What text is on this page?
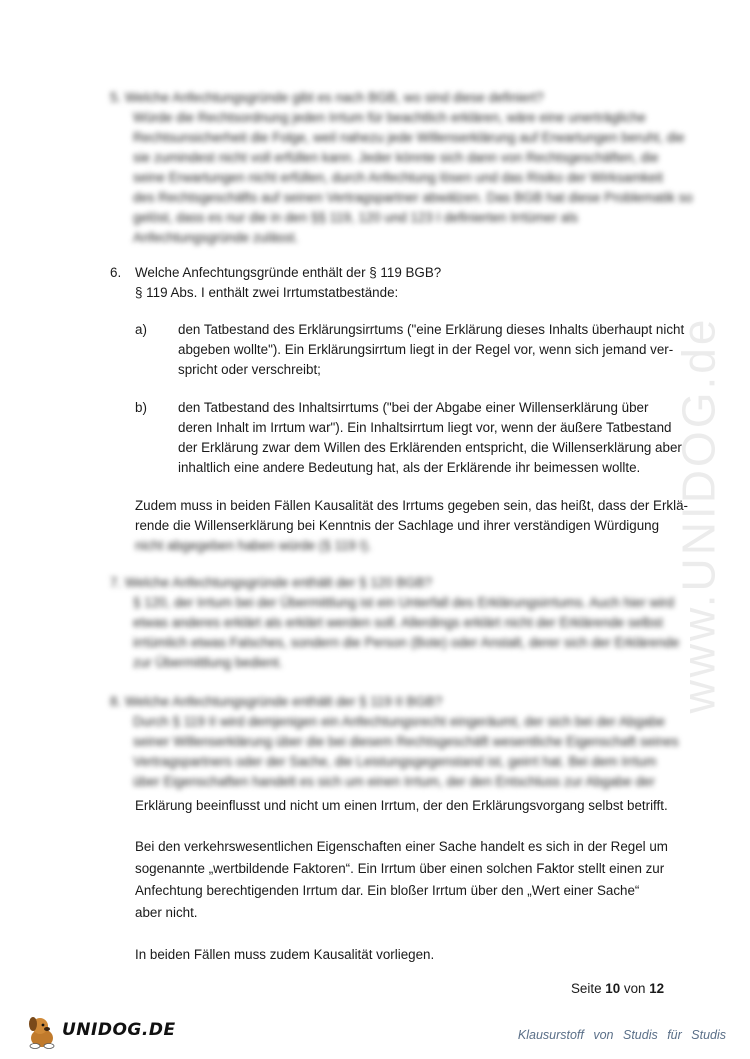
www.UNIDOG.de
5. Welche Anfechtungsgründe gibt es nach BGB, wo sind diese definiert?
Würde die Rechtsordnung jeden Irrtum für beachtlich erklären, wäre eine unerträgliche
Rechtsunsicherheit die Folge, weil nahezu jede Willenserklärung auf Erwartungen beruht, die
sie zumindest nicht voll erfüllen kann. Jeder könnte sich dann von Rechtsgeschäften, die
seine Erwartungen nicht erfüllen, durch Anfechtung lösen und das Risiko der Wirksamkeit
des Rechtsgeschäfts auf seinen Vertragspartner abwälzen. Das BGB hat diese Problematik so
gelöst, dass es nur die in den §§ 119, 120 und 123 I definierten Irrtümer als
Anfechtungsgründe zulässt.
6. Welche Anfechtungsgründe enthält der § 119 BGB?
§ 119 Abs. I enthält zwei Irrtumstatbestände:
a) den Tatbestand des Erklärungsirrtums ("eine Erklärung dieses Inhalts überhaupt nicht
abgeben wollte"). Ein Erklärungsirrtum liegt in der Regel vor, wenn sich jemand ver-
spricht oder verschreibt;
b) den Tatbestand des Inhaltsirrtums ("bei der Abgabe einer Willenserklärung über
deren Inhalt im Irrtum war"). Ein Inhaltsirrtum liegt vor, wenn der äußere Tatbestand
der Erklärung zwar dem Willen des Erklärenden entspricht, die Willenserklärung aber
inhaltlich eine andere Bedeutung hat, als der Erklärende ihr beimessen wollte.
Zudem muss in beiden Fällen Kausalität des Irrtums gegeben sein, das heißt, dass der Erklä-
rende die Willenserklärung bei Kenntnis der Sachlage und ihrer verständigen Würdigung
nicht abgegeben haben würde (§ 119 I).
7. Welche Anfechtungsgründe enthält der § 120 BGB?
§ 120, der Irrtum bei der Übermittlung ist ein Unterfall des Erklärungsirrtums. Auch hier wird
etwas anderes erklärt als erklärt werden soll. Allerdings erklärt nicht der Erklärende selbst
irrtümlich etwas Falsches, sondern die Person (Bote) oder Anstalt, derer sich der Erklärende
zur Übermittlung bedient.
8. Welche Anfechtungsgründe enthält der § 119 II BGB?
Durch § 119 II wird demjenigen ein Anfechtungsrecht eingeräumt, der sich bei der Abgabe
seiner Willenserklärung über die bei diesem Rechtsgeschäft wesentliche Eigenschaft seines
Vertragspartners oder der Sache, die Leistungsgegenstand ist, geirrt hat. Bei dem Irrtum
über Eigenschaften handelt es sich um einen Irrtum, der den Entschluss zur Abgabe der
Erklärung beeinflusst und nicht um einen Irrtum, der den Erklärungsvorgang selbst betrifft.
Bei den verkehrswesentlichen Eigenschaften einer Sache handelt es sich in der Regel um
sogenannte „wertbildende Faktoren“. Ein Irrtum über einen solchen Faktor stellt einen zur
Anfechtung berechtigenden Irrtum dar. Ein bloßer Irrtum über den „Wert einer Sache“
aber nicht.
In beiden Fällen muss zudem Kausalität vorliegen.
Seite 10 von 12
UNIDOG.DE	Klausurstoff von Studis für Studis
